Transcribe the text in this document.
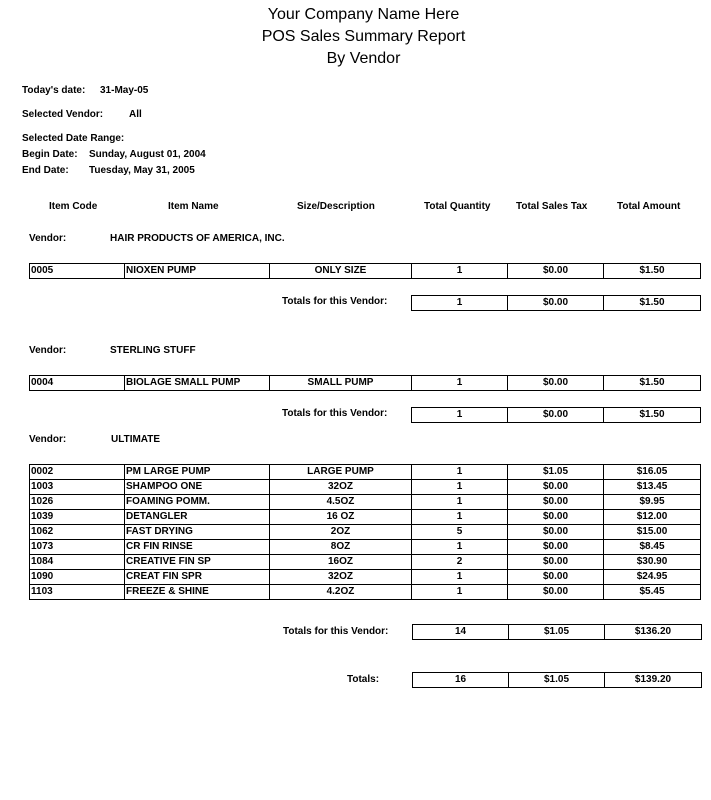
Your Company Name Here
POS Sales Summary Report
By Vendor
Today's date: 31-May-05
Selected Vendor:	All
Selected Date Range:
Begin Date: Sunday, August 01, 2004
End Date: Tuesday, May 31, 2005
Item Code	Item Name	Size/Description	Total Quantity	Total Sales Tax	Total Amount
Vendor:	HAIR PRODUCTS OF AMERICA, INC.
0005	NIOXEN PUMP	ONLY SIZE	1	$0.00	$1.50
Totals for this Vendor:	1	$0.00	$1.50
Vendor:	STERLING STUFF
0004	BIOLAGE SMALL PUMP	SMALL PUMP	1	$0.00	$1.50
Totals for this Vendor:	1	$0.00	$1.50
Vendor:	ULTIMATE
0002	PM LARGE PUMP	LARGE PUMP	1	$1.05	$16.05
1003	SHAMPOO ONE	32OZ	1	$0.00	$13.45
1026	FOAMING POMM.	4.5OZ	1	$0.00	$9.95
1039	DETANGLER	16 OZ	1	$0.00	$12.00
1062	FAST DRYING	2OZ	5	$0.00	$15.00
1073	CR FIN RINSE	8OZ	1	$0.00	$8.45
1084	CREATIVE FIN SP	16OZ	2	$0.00	$30.90
1090	CREAT FIN SPR	32OZ	1	$0.00	$24.95
1103	FREEZE & SHINE	4.2OZ	1	$0.00	$5.45
Totals for this Vendor:	14	$1.05	$136.20
Totals:	16	$1.05	$139.20
